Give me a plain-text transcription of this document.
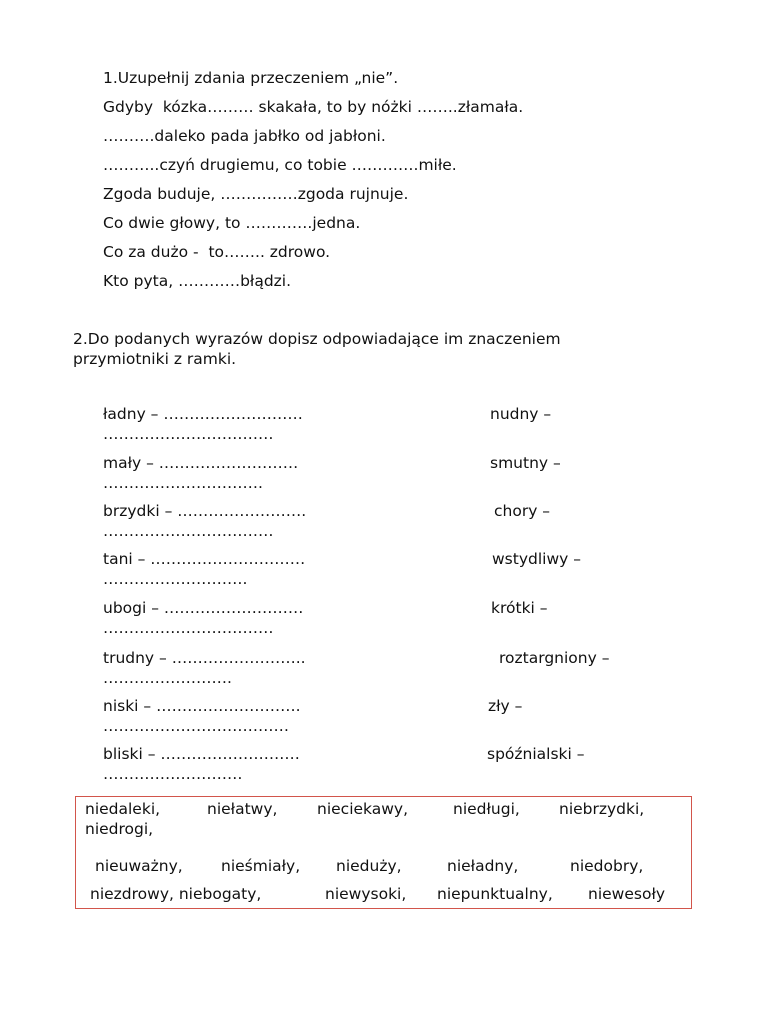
1.Uzupełnij zdania przeczeniem „nie”.
Gdyby  kózka……… skakała, to by nóżki ……..złamała.
……….daleko pada jabłko od jabłoni.
………..czyń drugiemu, co tobie ………….miłe.
Zgoda buduje, ……………zgoda rujnuje.
Co dwie głowy, to ………….jedna.
Co za dużo -  to…….. zdrowo.
Kto pyta, …………błądzi.
2.Do podanych wyrazów dopisz odpowiadające im znaczeniem
przymiotniki z ramki.
ładny – ………………………	nudny –
……………………………
mały – ………………………	smutny –
………………………….
brzydki – …………………….	chory –
……………………………
tani – …………………………	wstydliwy –
……………………….
ubogi – ………………………	krótki –
……………………………
trudny – ……………………..	roztargniony –
…………………….
niski – ……………………….	zły –
………………………………
bliski – ………………………	spóźnialski –
………………………
niedaleki,	niełatwy,	nieciekawy,	niedługi,	niebrzydki,
niedrogi,
nieuważny, nieśmiały, nieduży,	nieładny,	niedobry,
niezdrowy, niebogaty,	niewysoki, niepunktualny, niewesoły
